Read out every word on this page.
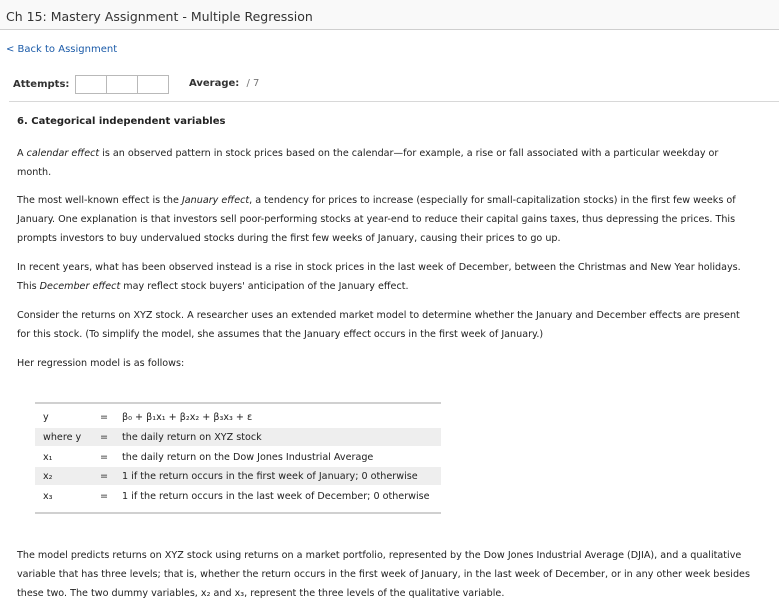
Ch 15: Mastery Assignment - Multiple Regression
< Back to Assignment
Attempts:	Average: / 7
6. Categorical independent variables
A calendar effect is an observed pattern in stock prices based on the calendar—for example, a rise or fall associated with a particular weekday or month.
The most well-known effect is the January effect, a tendency for prices to increase (especially for small-capitalization stocks) in the first few weeks of January. One explanation is that investors sell poor-performing stocks at year-end to reduce their capital gains taxes, thus depressing the prices. This prompts investors to buy undervalued stocks during the first few weeks of January, causing their prices to go up.
In recent years, what has been observed instead is a rise in stock prices in the last week of December, between the Christmas and New Year holidays. This December effect may reflect stock buyers' anticipation of the January effect.
Consider the returns on XYZ stock. A researcher uses an extended market model to determine whether the January and December effects are present for this stock. (To simplify the model, she assumes that the January effect occurs in the first week of January.)
Her regression model is as follows:
y	=	β₀ + β₁x₁ + β₂x₂ + β₃x₃ + ε
where y	=	the daily return on XYZ stock
x₁	=	the daily return on the Dow Jones Industrial Average
x₂	=	1 if the return occurs in the first week of January; 0 otherwise
x₃	=	1 if the return occurs in the last week of December; 0 otherwise
The model predicts returns on XYZ stock using returns on a market portfolio, represented by the Dow Jones Industrial Average (DJIA), and a qualitative variable that has three levels; that is, whether the return occurs in the first week of January, in the last week of December, or in any other week besides these two. The two dummy variables, x₂ and x₃, represent the three levels of the qualitative variable.
